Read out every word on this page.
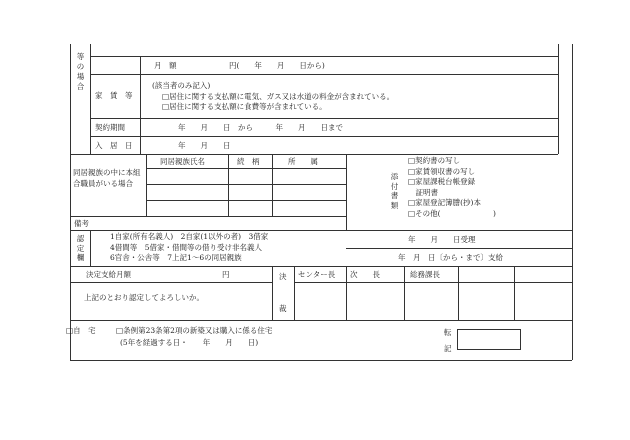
等の
場合
月　額　　　　　　　円(　　年　　月　　日から)
家　賃　等
(該当者のみ記入)
□居住に関する支払額に電気、ガス又は水道の料金が含まれている。
□居住に関する支払額に食費等が含まれている。
契約期間	年　　月　　日　から　　　年　　月　　日まで
入　居　日	年　　月　　日
同居親族の中に本組合職員がいる場合
同居親族氏名	続　柄	所　　属
添付書類
□契約書の写し
□家賃領収書の写し
□家屋課税台帳登録
　証明書
□家屋登記簿謄(抄)本
□その他(　　　　　　　)
備考
認定欄
1自家(所有名義人)　2自家(1以外の者)　3借家
4借間等　5借家・借間等の借り受け非名義人
6官舎・公舎等　7上記1～6の同居親族
年　　月　　日受理
年　月　日〔から・まで〕支給
決定支給月額	円
上記のとおり認定してよろしいか。
決
裁
センター長 次　　長	総務課長
□自　宅	□条例第23条第2項の新築又は購入に係る住宅
(5年を経過する日・　　年　　月　　日)
転
記
